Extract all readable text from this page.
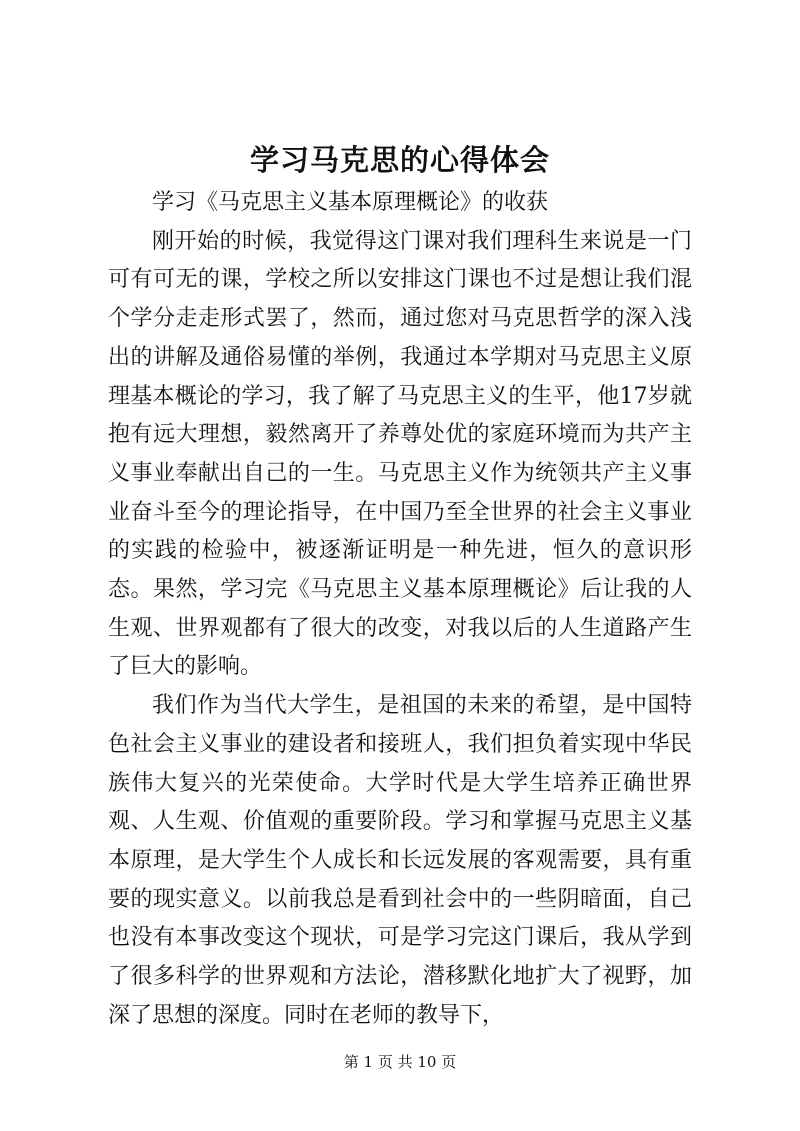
学习马克思的心得体会

学习《马克思主义基本原理概论》的收获

刚开始的时候，我觉得这门课对我们理科生来说是一门可有可无的课，学校之所以安排这门课也不过是想让我们混个学分走走形式罢了，然而，通过您对马克思哲学的深入浅出的讲解及通俗易懂的举例，我通过本学期对马克思主义原理基本概论的学习，我了解了马克思主义的生平，他17岁就抱有远大理想，毅然离开了养尊处优的家庭环境而为共产主义事业奉献出自己的一生。马克思主义作为统领共产主义事业奋斗至今的理论指导，在中国乃至全世界的社会主义事业的实践的检验中，被逐渐证明是一种先进，恒久的意识形态。果然，学习完《马克思主义基本原理概论》后让我的人生观、世界观都有了很大的改变，对我以后的人生道路产生了巨大的影响。

我们作为当代大学生，是祖国的未来的希望，是中国特色社会主义事业的建设者和接班人，我们担负着实现中华民族伟大复兴的光荣使命。大学时代是大学生培养正确世界观、人生观、价值观的重要阶段。学习和掌握马克思主义基本原理，是大学生个人成长和长远发展的客观需要，具有重要的现实意义。以前我总是看到社会中的一些阴暗面，自己也没有本事改变这个现状，可是学习完这门课后，我从学到了很多科学的世界观和方法论，潜移默化地扩大了视野，加深了思想的深度。同时在老师的教导下，

第 1 页 共 10 页
